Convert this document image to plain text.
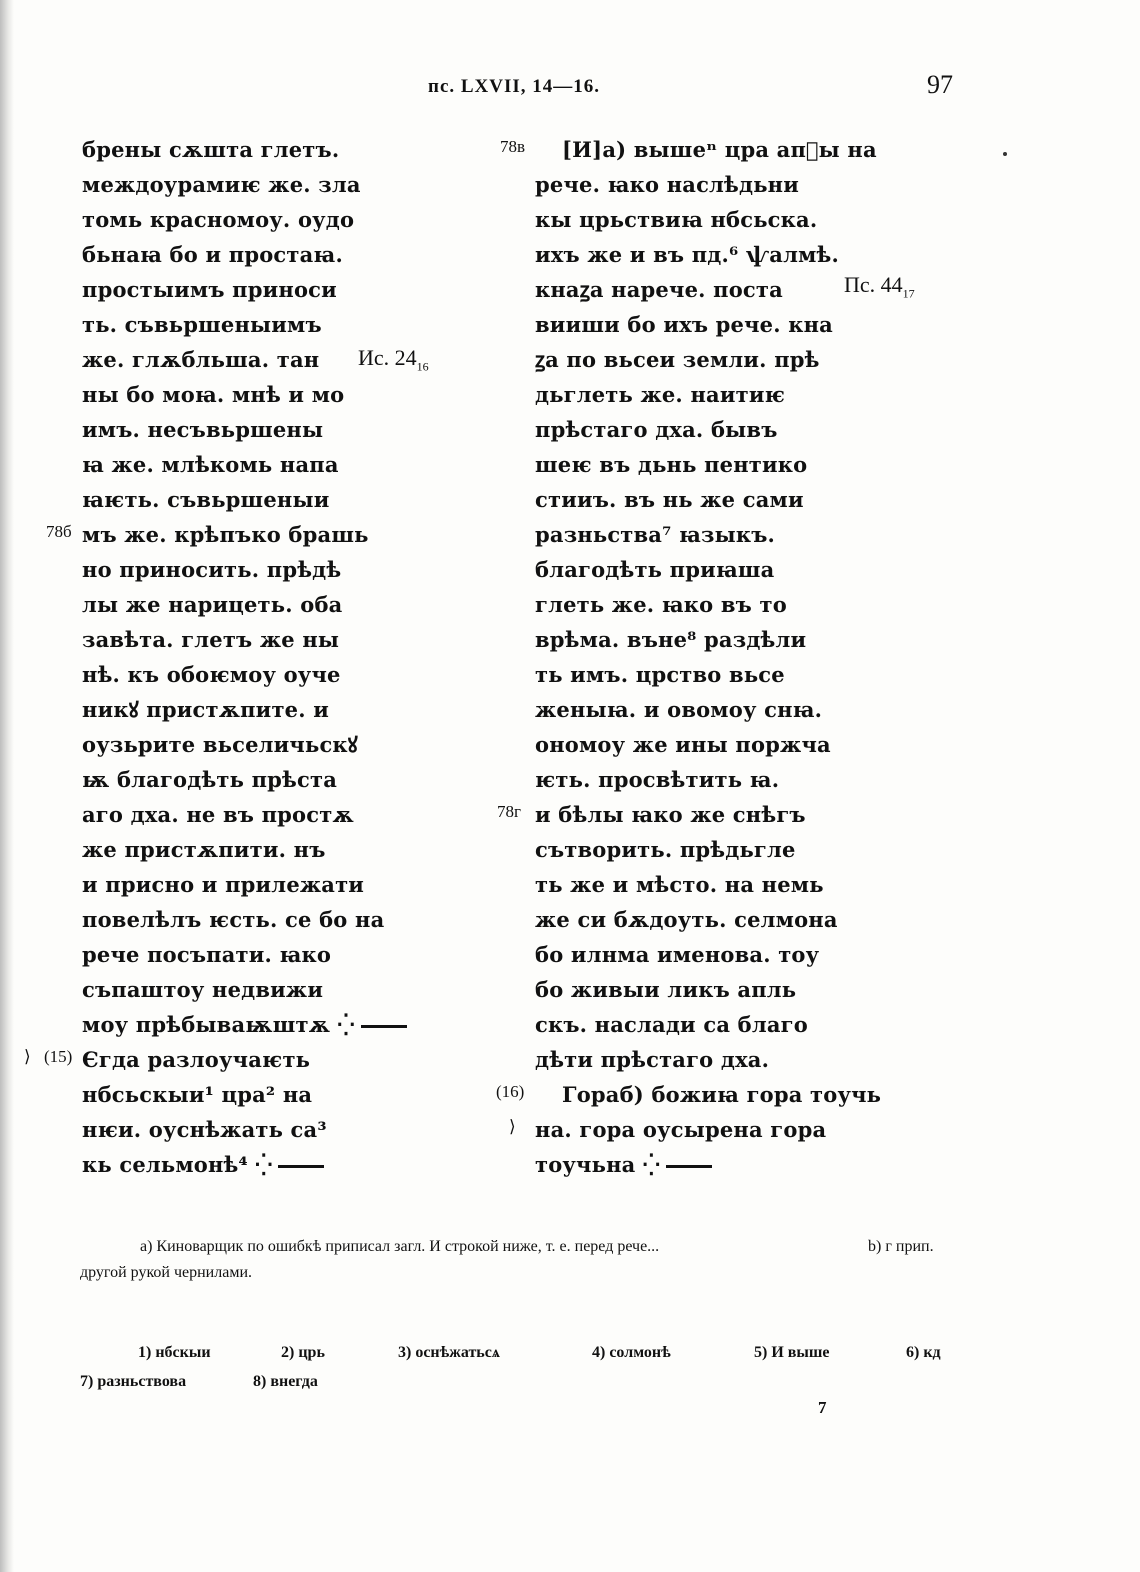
пс. LXVII, 14—16.	97
брены сѫшта глетъ.
междоурамиѥ же. зла
томь красномоу. оудо
бьнаꙗ бо и простаꙗ.
простыимъ приноси
ть. съвьршеныимъ
же. глѫбльша. тан
ны бо моꙗ. мнѣ и мо
имъ. несъвьршены
ꙗ же. млѣкомь напа
ꙗѥть. съвьршеныи
мъ же. крѣпъко брашь
но приносить. прѣдѣ
лы же нарицеть. оба
завѣта. глетъ же ны
нѣ. къ обоѥмоу оуче
никꙋ пристѫпите. и
оузьрите вьселичьскꙋ
ѭ благодѣть прѣста
аго дха. не въ простѫ
же пристѫпити. нъ
и присно и прилежати
повелѣлъ ѥсть. се бо на
рече посъпати. ꙗко
съпаштоу недвижи
моу прѣбываѭштѫ ⁛
Єгда разлоучаѥть
нбсьскыи¹ цра² на
нѥи. оуснѣжать са³
кь сельмонѣ⁴ ⁛
78б
⟩ (15)
Ис. $24_{16}$
[И]а) вышеⁿ цра апⷧы на
рече. ꙗко наслѣдьни
кы црьствиꙗ нбсьска.
ихъ же и въ пд.⁶ ѱалмѣ.
кнаꙁа нарече. поста
вииши бо ихъ рече. кна
ꙁа по вьсеи земли. прѣ
дьглеть же. наитиѥ
прѣстаго дха. бывъ
шеѥ въ дьнь пентико
стииъ. въ нь же сами
разньства⁷ ꙗзыкъ.
благодѣть приꙗша
глеть же. ꙗко въ то
врѣма. въне⁸ раздѣли
ть имъ. црство вьсе
женыꙗ. и овомоу снꙗ.
ономоу же ины поржча
ѥть. просвѣтить ꙗ.
и бѣлы ꙗко же снѣгъ
сътворить. прѣдьгле
ть же и мѣсто. на немь
же си бѫдоуть. селмона
бо илнма именова. тоу
бо живыи ликъ апль
скъ. наслади са благо
дѣти прѣстаго дха.
Гораб) божиꙗ гора тоучь
на. гора оусырена гора
тоучьна ⁛
78в
78г
(16)
⟩
Пс. $44_{17}$
а) Киноварщик по ошибкѣ приписал загл. И строкой ниже, т. е. перед рече...	b) г прип.
другой рукой чернилами.
1) нбскыи	2) црь	3) оснѣжатьсѧ	4) солмонѣ	5) И выше	6) кд
7) разньствова	8) внегда
7
